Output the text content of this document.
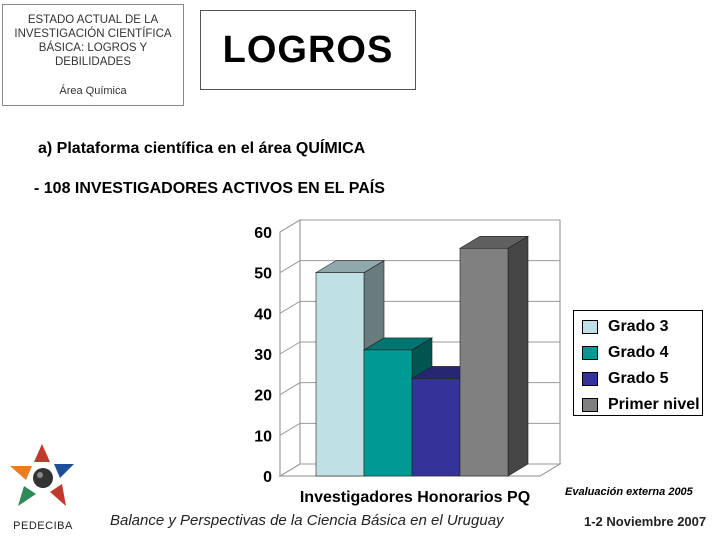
ESTADO ACTUAL DE LA INVESTIGACIÓN CIENTÍFICA BÁSICA: LOGROS Y DEBILIDADES
Área Química
LOGROS
a) Plataforma científica en el área QUÍMICA
- 108 INVESTIGADORES ACTIVOS EN EL PAÍS
0
10
20
30
40
50
60
Investigadores Honorarios PQ
Grado 3
Grado 4
Grado 5
Primer nivel
PEDECIBA
Evaluación externa 2005
Balance y Perspectivas de la Ciencia Básica en el Uruguay	1-2 Noviembre 2007
